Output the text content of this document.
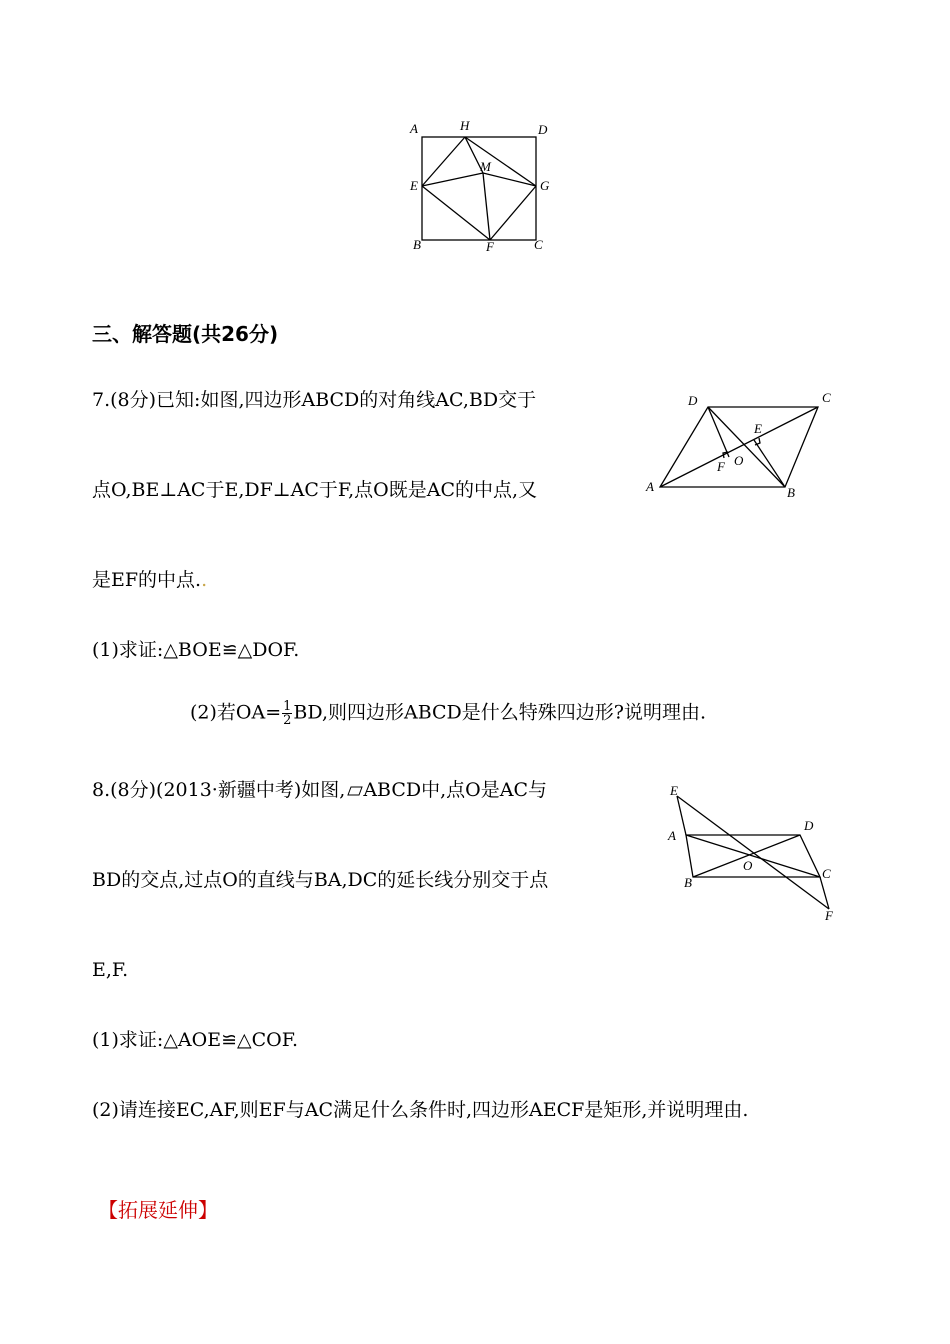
A	H	D
M
E	G
B	F	C
三、解答题(共26分)
7.(8分)已知:如图,四边形ABCD的对角线AC,BD交于
点O,BE⊥AC于E,DF⊥AC于F,点O既是AC的中点,又
是EF的中点..
(1)求证:△BOE≌△DOF.
(2)若$OA= \frac{1}{2}$ BD,则四边形ABCD是什么特殊四边形?说明理由.
D	C
E
O
F
A	B
8.(8分)(2013·新疆中考)如图, ABCD中,点O是AC与
BD的交点,过点O的直线与BA,DC的延长线分别交于点
E,F.
(1)求证:△AOE≌△COF.
(2)请连接EC,AF,则EF与AC满足什么条件时,四边形AECF是矩形,并说明理由.
E
A
D
O
B
C
F
【拓展延伸】
